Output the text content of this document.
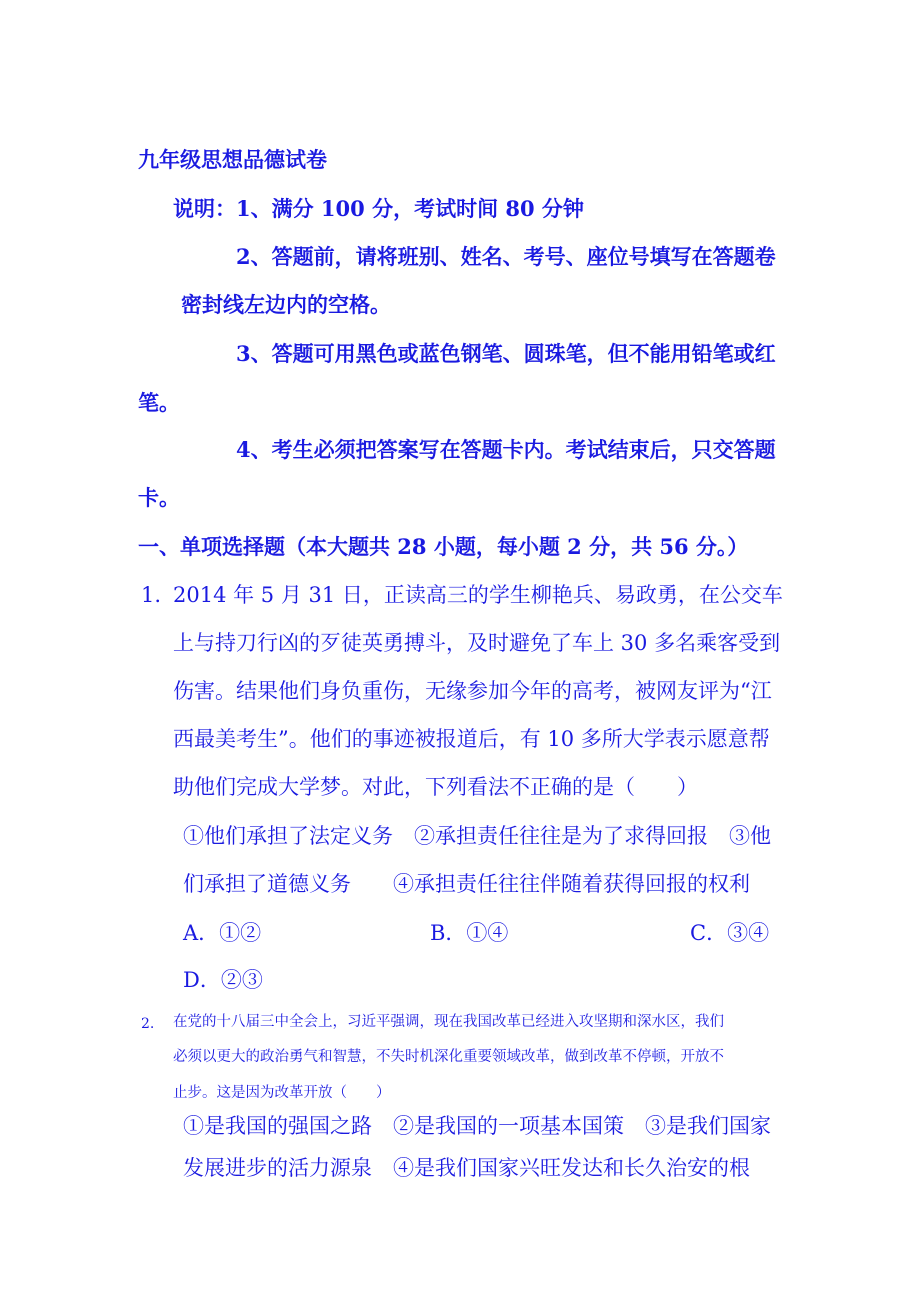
九年级思想品德试卷
说明：1、满分 100 分，考试时间 80 分钟
2、答题前，请将班别、姓名、考号、座位号填写在答题卷
密封线左边内的空格。
3、答题可用黑色或蓝色钢笔、圆珠笔，但不能用铅笔或红
笔。
4、考生必须把答案写在答题卡内。考试结束后，只交答题
卡。
一、单项选择题（本大题共 28 小题，每小题 2 分，共 56 分。）
1. 2014 年 5 月 31 日，正读高三的学生柳艳兵、易政勇，在公交车
上与持刀行凶的歹徒英勇搏斗，及时避免了车上 30 多名乘客受到
伤害。结果他们身负重伤，无缘参加今年的高考，被网友评为“江
西最美考生”。他们的事迹被报道后，有 10 多所大学表示愿意帮
助他们完成大学梦。对此，下列看法不正确的是（　　）
①他们承担了法定义务　②承担责任往往是为了求得回报　③他
们承担了道德义务　　④承担责任往往伴随着获得回报的权利
A．①②	B．①④	C．③④
D．②③
2. 在党的十八届三中全会上，习近平强调，现在我国改革已经进入攻坚期和深水区，我们
必须以更大的政治勇气和智慧，不失时机深化重要领域改革，做到改革不停顿，开放不
止步。这是因为改革开放（　　）
①是我国的强国之路　②是我国的一项基本国策　③是我们国家
发展进步的活力源泉　④是我们国家兴旺发达和长久治安的根
